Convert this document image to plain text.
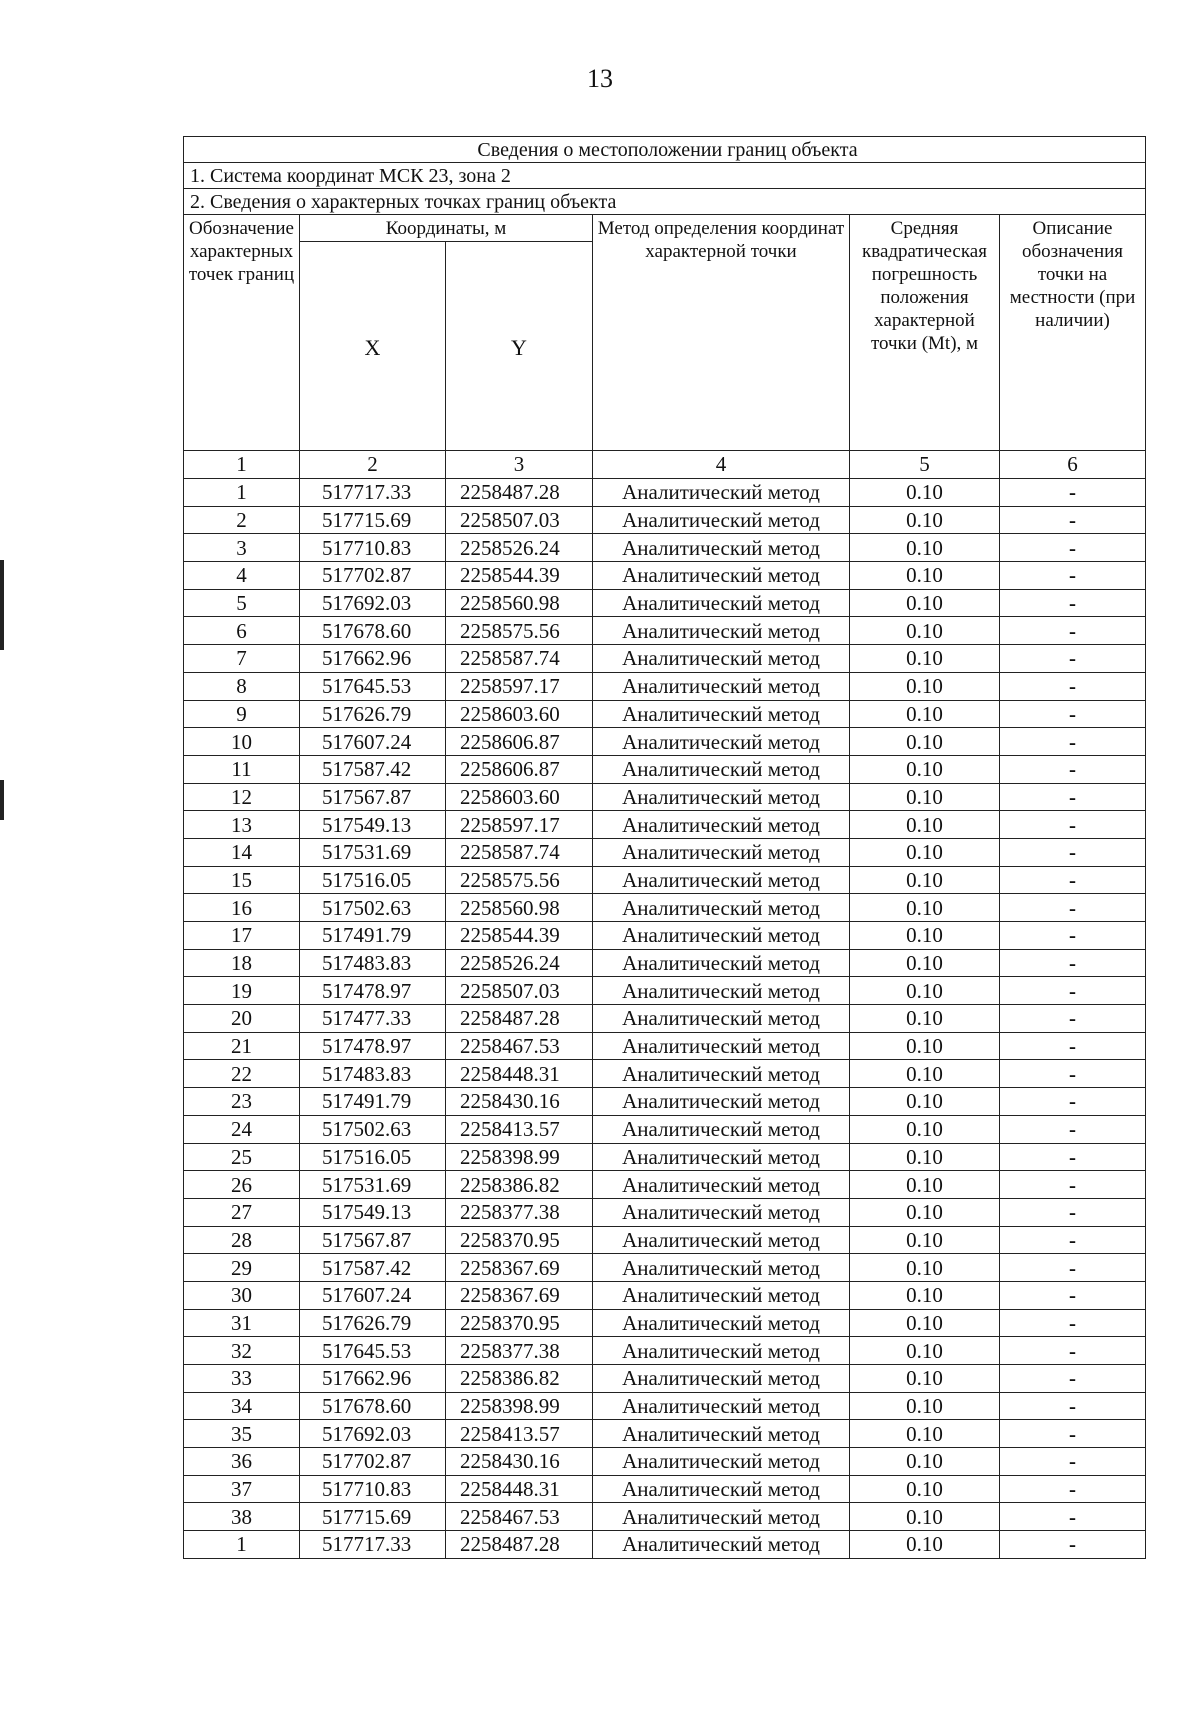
13
Сведения о местоположении границ объекта					
1. Система координат МСК 23, зона 2					
2. Сведения о характерных точках границ объекта					
Обозначение характерных точек границ	Координаты, м		Метод определения координат характерной точки	Средняя квадратическая погрешность положения характерной точки (Mt), м	Описание обозначения точки на местности (при наличии)
	X	Y			
1	2	3	4	5	6
1	517717.33	2258487.28	Аналитический метод	0.10	-
2	517715.69	2258507.03	Аналитический метод	0.10	-
3	517710.83	2258526.24	Аналитический метод	0.10	-
4	517702.87	2258544.39	Аналитический метод	0.10	-
5	517692.03	2258560.98	Аналитический метод	0.10	-
6	517678.60	2258575.56	Аналитический метод	0.10	-
7	517662.96	2258587.74	Аналитический метод	0.10	-
8	517645.53	2258597.17	Аналитический метод	0.10	-
9	517626.79	2258603.60	Аналитический метод	0.10	-
10	517607.24	2258606.87	Аналитический метод	0.10	-
11	517587.42	2258606.87	Аналитический метод	0.10	-
12	517567.87	2258603.60	Аналитический метод	0.10	-
13	517549.13	2258597.17	Аналитический метод	0.10	-
14	517531.69	2258587.74	Аналитический метод	0.10	-
15	517516.05	2258575.56	Аналитический метод	0.10	-
16	517502.63	2258560.98	Аналитический метод	0.10	-
17	517491.79	2258544.39	Аналитический метод	0.10	-
18	517483.83	2258526.24	Аналитический метод	0.10	-
19	517478.97	2258507.03	Аналитический метод	0.10	-
20	517477.33	2258487.28	Аналитический метод	0.10	-
21	517478.97	2258467.53	Аналитический метод	0.10	-
22	517483.83	2258448.31	Аналитический метод	0.10	-
23	517491.79	2258430.16	Аналитический метод	0.10	-
24	517502.63	2258413.57	Аналитический метод	0.10	-
25	517516.05	2258398.99	Аналитический метод	0.10	-
26	517531.69	2258386.82	Аналитический метод	0.10	-
27	517549.13	2258377.38	Аналитический метод	0.10	-
28	517567.87	2258370.95	Аналитический метод	0.10	-
29	517587.42	2258367.69	Аналитический метод	0.10	-
30	517607.24	2258367.69	Аналитический метод	0.10	-
31	517626.79	2258370.95	Аналитический метод	0.10	-
32	517645.53	2258377.38	Аналитический метод	0.10	-
33	517662.96	2258386.82	Аналитический метод	0.10	-
34	517678.60	2258398.99	Аналитический метод	0.10	-
35	517692.03	2258413.57	Аналитический метод	0.10	-
36	517702.87	2258430.16	Аналитический метод	0.10	-
37	517710.83	2258448.31	Аналитический метод	0.10	-
38	517715.69	2258467.53	Аналитический метод	0.10	-
1	517717.33	2258487.28	Аналитический метод	0.10	-
